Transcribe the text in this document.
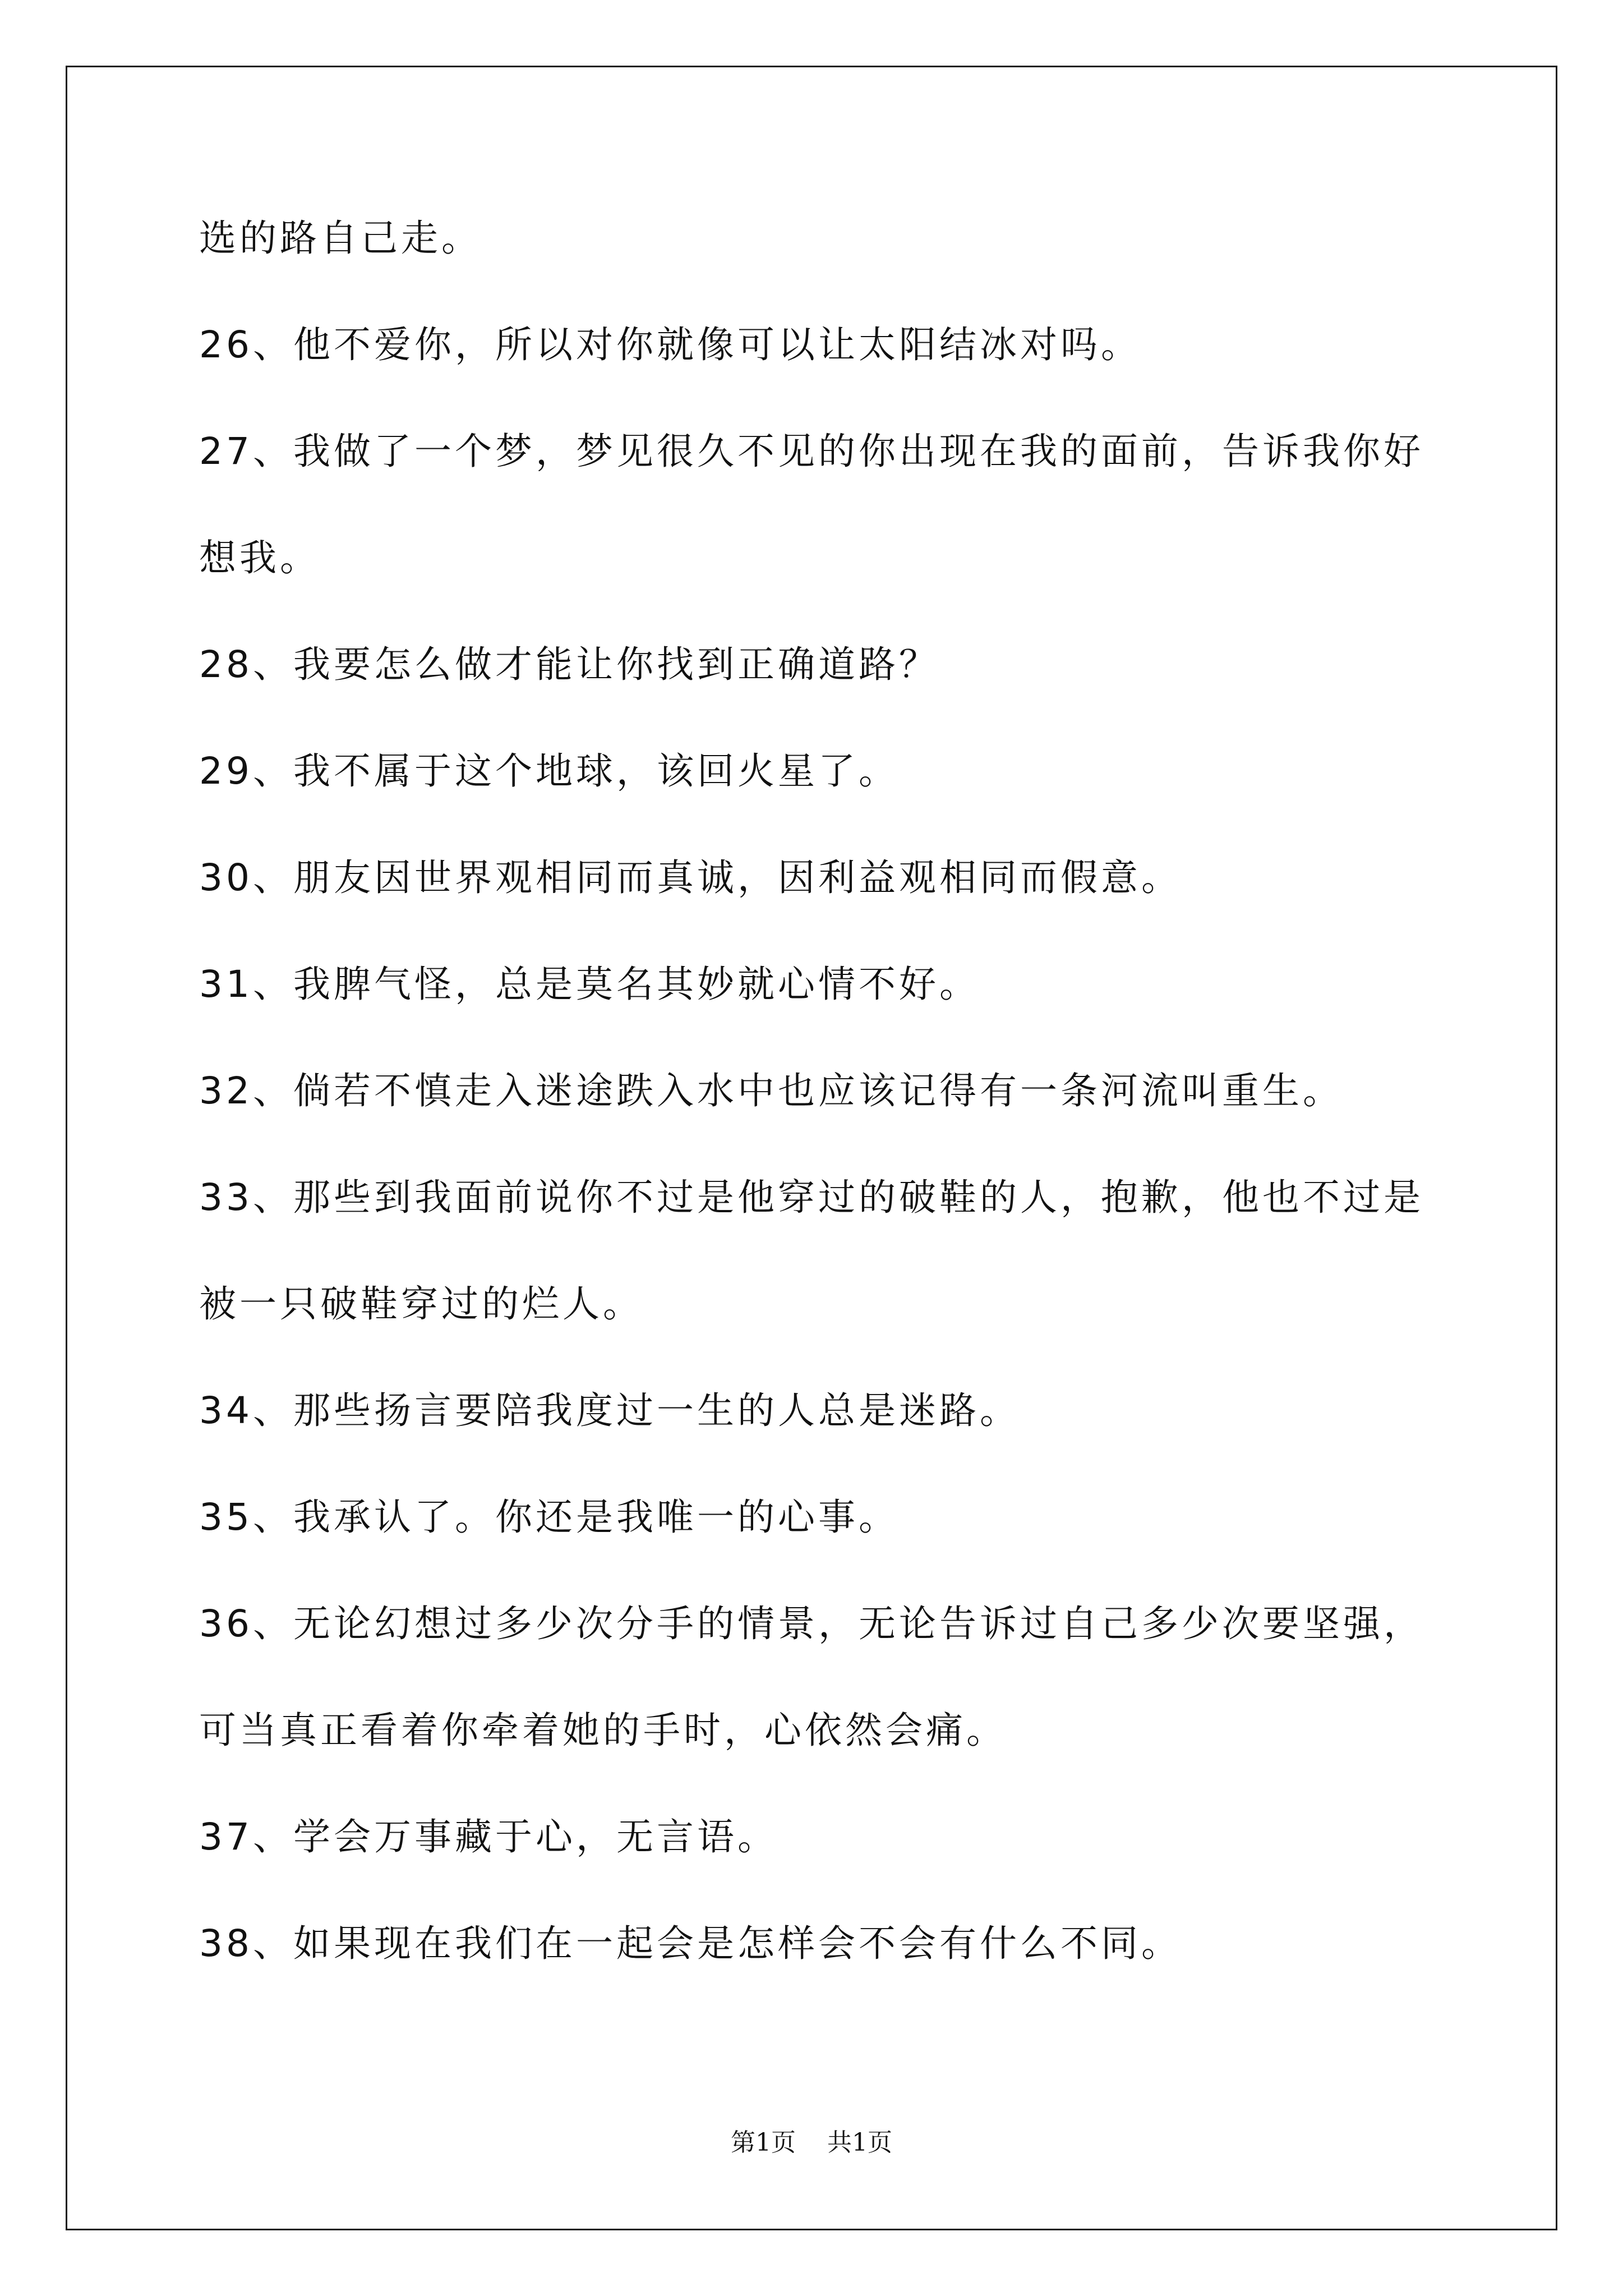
选的路自己走。

26、他不爱你，所以对你就像可以让太阳结冰对吗。

27、我做了一个梦，梦见很久不见的你出现在我的面前，告诉我你好

想我。

28、我要怎么做才能让你找到正确道路？

29、我不属于这个地球，该回火星了。

30、朋友因世界观相同而真诚，因利益观相同而假意。

31、我脾气怪，总是莫名其妙就心情不好。

32、倘若不慎走入迷途跌入水中也应该记得有一条河流叫重生。

33、那些到我面前说你不过是他穿过的破鞋的人，抱歉，他也不过是

被一只破鞋穿过的烂人。

34、那些扬言要陪我度过一生的人总是迷路。

35、我承认了。你还是我唯一的心事。

36、无论幻想过多少次分手的情景，无论告诉过自己多少次要坚强，

可当真正看着你牵着她的手时，心依然会痛。

37、学会万事藏于心，无言语。

38、如果现在我们在一起会是怎样会不会有什么不同。

第1页 共1页
